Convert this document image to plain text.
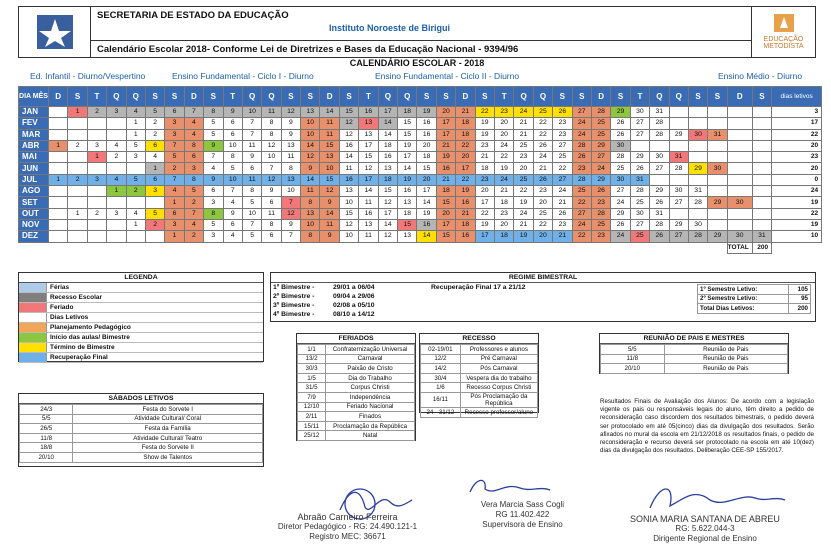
SECRETARIA DE ESTADO DA EDUCAÇÃO
Instituto Noroeste de Birigui
Calendário Escolar 2018- Conforme Lei de Diretrizes e Bases da Educação Nacional - 9394/96
EDUCAÇÃO
METODISTA
CALENDÁRIO ESCOLAR - 2018
Ed. Infantil - Diurno/Vespertino	Ensino Fundamental - Ciclo I - Diurno	Ensino Fundamental - Ciclo II - Diurno	Ensino Médio - Diurno
DIA MÊS	D	S	T	Q	Q	S	S	D	S	T	Q	Q	S	S	D	S	T	Q	Q	S	S	D	S	T	Q	Q	S	S	D	S	T	Q	Q	S	S	D	S	dias letivos
JAN		1	2	3	4	5	6	7	8	9	10	11	12	13	14	15	16	17	18	19	20	21	22	23	24	25	26	27	28	29	30	31						3
FEV					1	2	3	4	5	6	7	8	9	10	11	12	13	14	15	16	17	18	19	20	21	22	23	24	25	26	27	28						17
MAR					1	2	3	4	5	6	7	8	9	10	11	12	13	14	15	16	17	18	19	20	21	22	23	24	25	26	27	28	29	30	31			22
ABR	1	2	3	4	5	6	7	8	9	10	11	12	13	14	15	16	17	18	19	20	21	22	23	24	25	26	27	28	29	30								20
MAI			1	2	3	4	5	6	7	8	9	10	11	12	13	14	15	16	17	18	19	20	21	22	23	24	25	26	27	28	29	30	31					23
JUN						1	2	3	4	5	6	7	8	9	10	11	12	13	14	15	16	17	18	19	20	21	22	23	24	25	26	27	28	29	30			20
JUL	1	2	3	4	5	6	7	8	9	10	11	12	13	14	15	16	17	18	19	20	21	22	23	24	25	26	27	28	29	30	31							0
AGO				1	2	3	4	5	6	7	8	9	10	11	12	13	14	15	16	17	18	19	20	21	22	23	24	25	26	27	28	29	30	31				24
SET							1	2	3	4	5	6	7	8	9	10	11	12	13	14	15	16	17	18	19	20	21	22	23	24	25	26	27	28	29	30		19
OUT		1	2	3	4	5	6	7	8	9	10	11	12	13	14	15	16	17	18	19	20	21	22	23	24	25	26	27	28	29	30	31						22
NOV					1	2	3	4	5	6	7	8	9	10	11	12	13	14	15	16	17	18	19	20	21	22	23	24	25	26	27	28	29	30				19
DEZ							1	2	3	4	5	6	7	8	9	10	11	12	13	14	15	16	17	18	19	20	21	22	23	24	25	26	27	28	29	30	31	10
																																				TOTAL	200	
LEGENDA
Férias
Recesso Escolar
Feriado
Dias Letivos
Planejamento Pedagógico
Início das aulas/ Bimestre
Término de Bimestre
Recuperação Final
SÁBADOS LETIVOS
24/3	Festa do Sorvete I
5/5	Atividade Cultural/ Coral
26/5	Festa da Família
11/8	Atividade Cultural/ Teatro
18/8	Festa do Sorvete II
20/10	Show de Talentos
REGIME BIMESTRAL
1º Bimestre -	29/01 a 06/04
2º Bimestre -	09/04 a 29/06
3º Bimestre -	02/08 a 05/10
4º Bimestre -	08/10 a 14/12
Recuperação Final 17 a 21/12	1º Semestre Letivo:	105
2º Semestre Letivo:	95
Total Dias Letivos:	200
FERIADOS
1/1	Confraternização Universal
13/2	Carnaval
30/3	Paixão de Cristo
1/5	Dia do Trabalho
31/5	Corpus Christi
7/9	Independência
12/10	Feriado Nacional
2/11	Finados
15/11	Proclamação da República
25/12	Natal
RECESSO
02-19/01	Professores e alunos
12/2	Pré Carnaval
14/2	Pós Carnaval
30/4	Vespera dia do trabalho
1/6	Recesso Corpus Christi
16/11	Pós Proclamação da República
24 - 31/12	Recesso professor/aluno
REUNIÃO DE PAIS E MESTRES
5/5	Reunião de Pais
11/8	Reunião de Pais
20/10	Reunião de Pais
Resultados Finais de Avaliação dos Alunos: De acordo com a legislação vigente os pais ou responsáveis legais do aluno, têm direito a pedido de reconsideração caso discordem dos resultados bimestrais, o pedido deverá ser protocolado em até 05(cinco) dias da divulgação dos resultados. Serão afixados no mural da escola em 21/12/2018 os resultados finais, o pedido de reconsideração e recurso deverá ser protocolado na escola em até 10(dez) dias da divulgação dos resultados. Deliberação CEE-SP 155/2017.
Abraão Carneiro Ferreira
Diretor Pedagógico - RG: 24.490.121-1
Registro MEC: 36671
Vera Marcia Sass Cogli
RG 11.402.422
Supervisora de Ensino
SONIA MARIA SANTANA DE ABREU
RG: 5.622.044-3
Dirigente Regional de Ensino
